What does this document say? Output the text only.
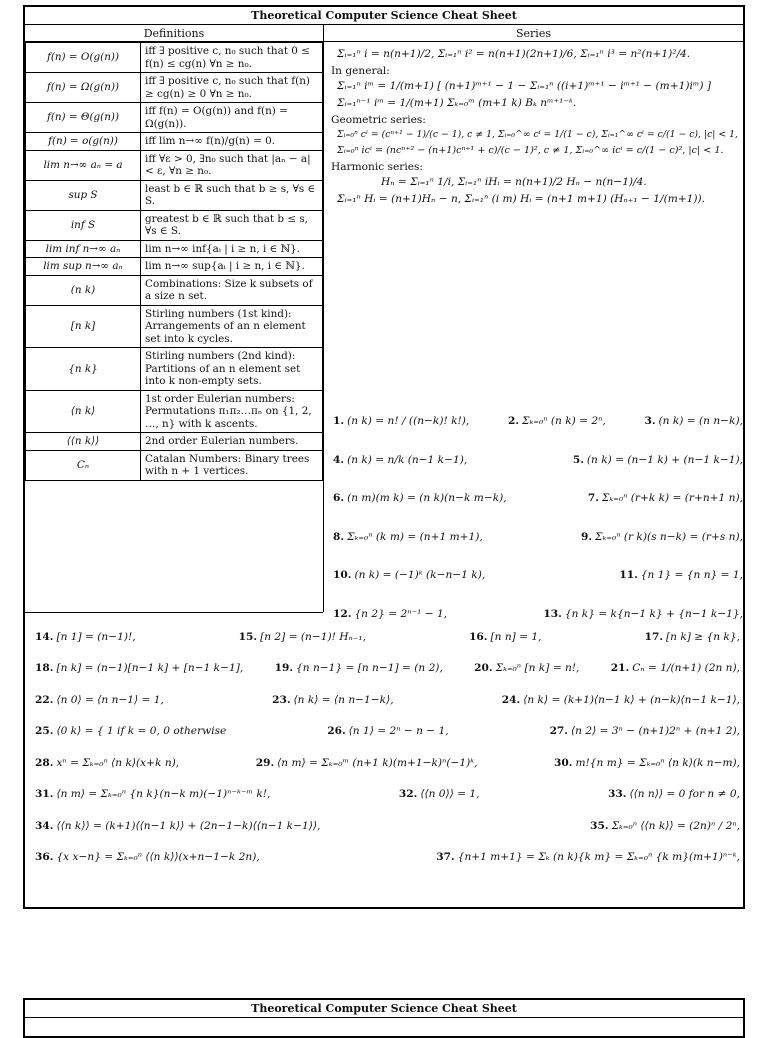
Theoretical Computer Science Cheat Sheet
Definitions	Series
f(n) = O(g(n))	iff ∃ positive c, n₀ such that 0 ≤ f(n) ≤ cg(n) ∀n ≥ n₀.
f(n) = Ω(g(n))	iff ∃ positive c, n₀ such that f(n) ≥ cg(n) ≥ 0 ∀n ≥ n₀.
f(n) = Θ(g(n))	iff f(n) = O(g(n)) and f(n) = Ω(g(n)).
f(n) = o(g(n))	iff lim n→∞ f(n)/g(n) = 0.
lim n→∞ aₙ = a	iff ∀ε > 0, ∃n₀ such that |aₙ − a| < ε, ∀n ≥ n₀.
sup S	least b ∈ ℝ such that b ≥ s, ∀s ∈ S.
inf S	greatest b ∈ ℝ such that b ≤ s, ∀s ∈ S.
lim inf n→∞ aₙ	lim n→∞ inf{aᵢ | i ≥ n, i ∈ ℕ}.
lim sup n→∞ aₙ	lim n→∞ sup{aᵢ | i ≥ n, i ∈ ℕ}.
(n k)	Combinations: Size k subsets of a size n set.
[n k]	Stirling numbers (1st kind): Arrangements of an n element set into k cycles.
{n k}	Stirling numbers (2nd kind): Partitions of an n element set into k non-empty sets.
⟨n k⟩	1st order Eulerian numbers: Permutations π₁π₂…πₙ on {1, 2, …, n} with k ascents.
⟨⟨n k⟩⟩	2nd order Eulerian numbers.
Cₙ	Catalan Numbers: Binary trees with n + 1 vertices.
Σᵢ₌₁ⁿ i = n(n+1)/2, Σᵢ₌₁ⁿ i² = n(n+1)(2n+1)/6, Σᵢ₌₁ⁿ i³ = n²(n+1)²/4.
In general:
Σᵢ₌₁ⁿ iᵐ = 1/(m+1) [ (n+1)ᵐ⁺¹ − 1 − Σᵢ₌₁ⁿ ((i+1)ᵐ⁺¹ − iᵐ⁺¹ − (m+1)iᵐ) ]
Σᵢ₌₁ⁿ⁻¹ iᵐ = 1/(m+1) Σₖ₌₀ᵐ (m+1 k) Bₖ nᵐ⁺¹⁻ᵏ.
Geometric series:
Σᵢ₌₀ⁿ cⁱ = (cⁿ⁺¹ − 1)/(c − 1), c ≠ 1, Σᵢ₌₀^∞ cⁱ = 1/(1 − c), Σᵢ₌₁^∞ cⁱ = c/(1 − c), |c| < 1,
Σᵢ₌₀ⁿ icⁱ = (ncⁿ⁺² − (n+1)cⁿ⁺¹ + c)/(c − 1)², c ≠ 1, Σᵢ₌₀^∞ icⁱ = c/(1 − c)², |c| < 1.
Harmonic series:
Hₙ = Σᵢ₌₁ⁿ 1/i, Σᵢ₌₁ⁿ iHᵢ = n(n+1)/2 Hₙ − n(n−1)/4.
Σᵢ₌₁ⁿ Hᵢ = (n+1)Hₙ − n, Σᵢ₌₁ⁿ (i m) Hᵢ = (n+1 m+1) (Hₙ₊₁ − 1/(m+1)).
1. (n k) = n! / ((n−k)! k!),	2. Σₖ₌₀ⁿ (n k) = 2ⁿ,	3. (n k) = (n n−k),
4. (n k) = n/k (n−1 k−1),	5. (n k) = (n−1 k) + (n−1 k−1),
6. (n m)(m k) = (n k)(n−k m−k),	7. Σₖ₌₀ⁿ (r+k k) = (r+n+1 n),
8. Σₖ₌₀ⁿ (k m) = (n+1 m+1),	9. Σₖ₌₀ⁿ (r k)(s n−k) = (r+s n),
10. (n k) = (−1)ᵏ (k−n−1 k),	11. {n 1} = {n n} = 1,
12. {n 2} = 2ⁿ⁻¹ − 1,	13. {n k} = k{n−1 k} + {n−1 k−1},
14. [n 1] = (n−1)!,	15. [n 2] = (n−1)! Hₙ₋₁,	16. [n n] = 1,	17. [n k] ≥ {n k},
18. [n k] = (n−1)[n−1 k] + [n−1 k−1],	19. {n n−1} = [n n−1] = (n 2),	20. Σₖ₌₀ⁿ [n k] = n!,	21. Cₙ = 1/(n+1) (2n n),
22. ⟨n 0⟩ = ⟨n n−1⟩ = 1,	23. ⟨n k⟩ = ⟨n n−1−k⟩,	24. ⟨n k⟩ = (k+1)⟨n−1 k⟩ + (n−k)⟨n−1 k−1⟩,
25. ⟨0 k⟩ = { 1 if k = 0, 0 otherwise	26. ⟨n 1⟩ = 2ⁿ − n − 1,	27. ⟨n 2⟩ = 3ⁿ − (n+1)2ⁿ + (n+1 2),
28. xⁿ = Σₖ₌₀ⁿ ⟨n k⟩(x+k n),	29. ⟨n m⟩ = Σₖ₌₀ᵐ (n+1 k)(m+1−k)ⁿ(−1)ᵏ,	30. m!{n m} = Σₖ₌₀ⁿ ⟨n k⟩(k n−m),
31. ⟨n m⟩ = Σₖ₌₀ⁿ {n k}(n−k m)(−1)ⁿ⁻ᵏ⁻ᵐ k!,	32. ⟨⟨n 0⟩⟩ = 1,	33. ⟨⟨n n⟩⟩ = 0 for n ≠ 0,
34. ⟨⟨n k⟩⟩ = (k+1)⟨⟨n−1 k⟩⟩ + (2n−1−k)⟨⟨n−1 k−1⟩⟩,	35. Σₖ₌₀ⁿ ⟨⟨n k⟩⟩ = (2n)ⁿ / 2ⁿ,
36. {x x−n} = Σₖ₌₀ⁿ ⟨⟨n k⟩⟩(x+n−1−k 2n),	37. {n+1 m+1} = Σₖ (n k){k m} = Σₖ₌₀ⁿ {k m}(m+1)ⁿ⁻ᵏ,
Theoretical Computer Science Cheat Sheet
